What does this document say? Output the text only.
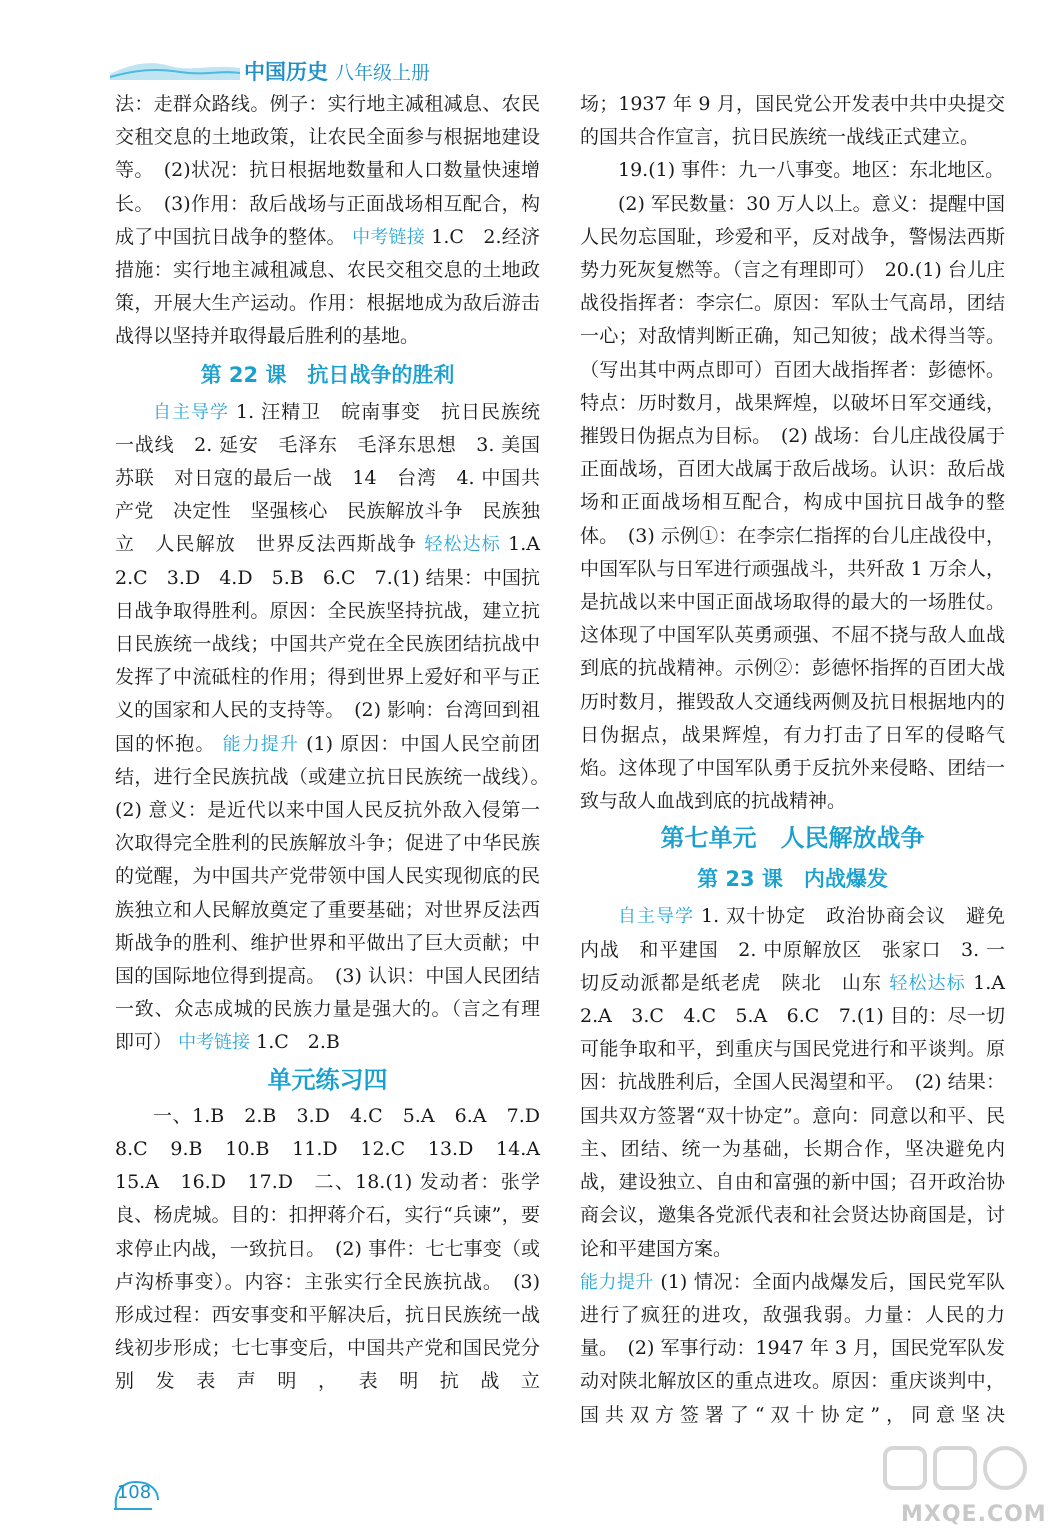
中国历史 八年级上册

法：走群众路线。例子：实行地主减租减息、农民交租交息的土地政策，让农民全面参与根据地建设等。　(2)状况：抗日根据地数量和人口数量快速增长。　(3)作用：敌后战场与正面战场相互配合，构成了中国抗日战争的整体。 中考链接 1.C　2.经济措施：实行地主减租减息、农民交租交息的土地政策，开展大生产运动。作用：根据地成为敌后游击战得以坚持并取得最后胜利的基地。

第 22 课　抗日战争的胜利

自主导学 1. 汪精卫　皖南事变　抗日民族统一战线　2. 延安　毛泽东　毛泽东思想　3. 美国　苏联　对日寇的最后一战　14　台湾　4. 中国共产党　决定性　坚强核心　民族解放斗争　民族独立　人民解放　世界反法西斯战争 轻松达标 1.A　2.C　3.D　4.D　5.B　6.C　7.(1) 结果：中国抗日战争取得胜利。原因：全民族坚持抗战，建立抗日民族统一战线；中国共产党在全民族团结抗战中发挥了中流砥柱的作用；得到世界上爱好和平与正义的国家和人民的支持等。　(2) 影响：台湾回到祖国的怀抱。 能力提升 (1) 原因：中国人民空前团结，进行全民族抗战（或建立抗日民族统一战线）。　(2) 意义：是近代以来中国人民反抗外敌入侵第一次取得完全胜利的民族解放斗争；促进了中华民族的觉醒，为中国共产党带领中国人民实现彻底的民族独立和人民解放奠定了重要基础；对世界反法西斯战争的胜利、维护世界和平做出了巨大贡献；中国的国际地位得到提高。　(3) 认识：中国人民团结一致、众志成城的民族力量是强大的。（言之有理即可） 中考链接 1.C　2.B

单元练习四

一、1.B　2.B　3.D　4.C　5.A　6.A　7.D　8.C　9.B　10.B　11.D　12.C　13.D　14.A　15.A　16.D　17.D　二、18.(1) 发动者：张学良、杨虎城。目的：扣押蒋介石，实行“兵谏”，要求停止内战，一致抗日。　(2) 事件：七七事变（或卢沟桥事变）。内容：主张实行全民族抗战。　(3) 形成过程：西安事变和平解决后，抗日民族统一战线初步形成；七七事变后，中国共产党和国民党分别发表声明，表明抗战立

场；1937 年 9 月，国民党公开发表中共中央提交的国共合作宣言，抗日民族统一战线正式建立。

19.(1) 事件：九一八事变。地区：东北地区。

(2) 军民数量：30 万人以上。意义：提醒中国人民勿忘国耻，珍爱和平，反对战争，警惕法西斯势力死灰复燃等。（言之有理即可）　20.(1) 台儿庄战役指挥者：李宗仁。原因：军队士气高昂，团结一心；对敌情判断正确，知己知彼；战术得当等。（写出其中两点即可）百团大战指挥者：彭德怀。特点：历时数月，战果辉煌，以破坏日军交通线，摧毁日伪据点为目标。　(2) 战场：台儿庄战役属于正面战场，百团大战属于敌后战场。认识：敌后战场和正面战场相互配合，构成中国抗日战争的整体。　(3) 示例①：在李宗仁指挥的台儿庄战役中，中国军队与日军进行顽强战斗，共歼敌 1 万余人，是抗战以来中国正面战场取得的最大的一场胜仗。这体现了中国军队英勇顽强、不屈不挠与敌人血战到底的抗战精神。示例②：彭德怀指挥的百团大战历时数月，摧毁敌人交通线两侧及抗日根据地内的日伪据点，战果辉煌，有力打击了日军的侵略气焰。这体现了中国军队勇于反抗外来侵略、团结一致与敌人血战到底的抗战精神。

第七单元　人民解放战争
第 23 课　内战爆发

自主导学 1. 双十协定　政治协商会议　避免内战　和平建国　2. 中原解放区　张家口　3. 一切反动派都是纸老虎　陕北　山东 轻松达标 1.A　2.A　3.C　4.C　5.A　6.C　7.(1) 目的：尽一切可能争取和平，到重庆与国民党进行和平谈判。原因：抗战胜利后，全国人民渴望和平。　(2) 结果：国共双方签署“双十协定”。意向：同意以和平、民主、团结、统一为基础，长期合作，坚决避免内战，建设独立、自由和富强的新中国；召开政治协商会议，邀集各党派代表和社会贤达协商国是，讨论和平建国方案。

能力提升 (1) 情况：全面内战爆发后，国民党军队进行了疯狂的进攻，敌强我弱。力量：人民的力量。　(2) 军事行动：1947 年 3 月，国民党军队发动对陕北解放区的重点进攻。原因：重庆谈判中，国共双方签署了“双十协定”，同意坚决

108
MXQE.COM
